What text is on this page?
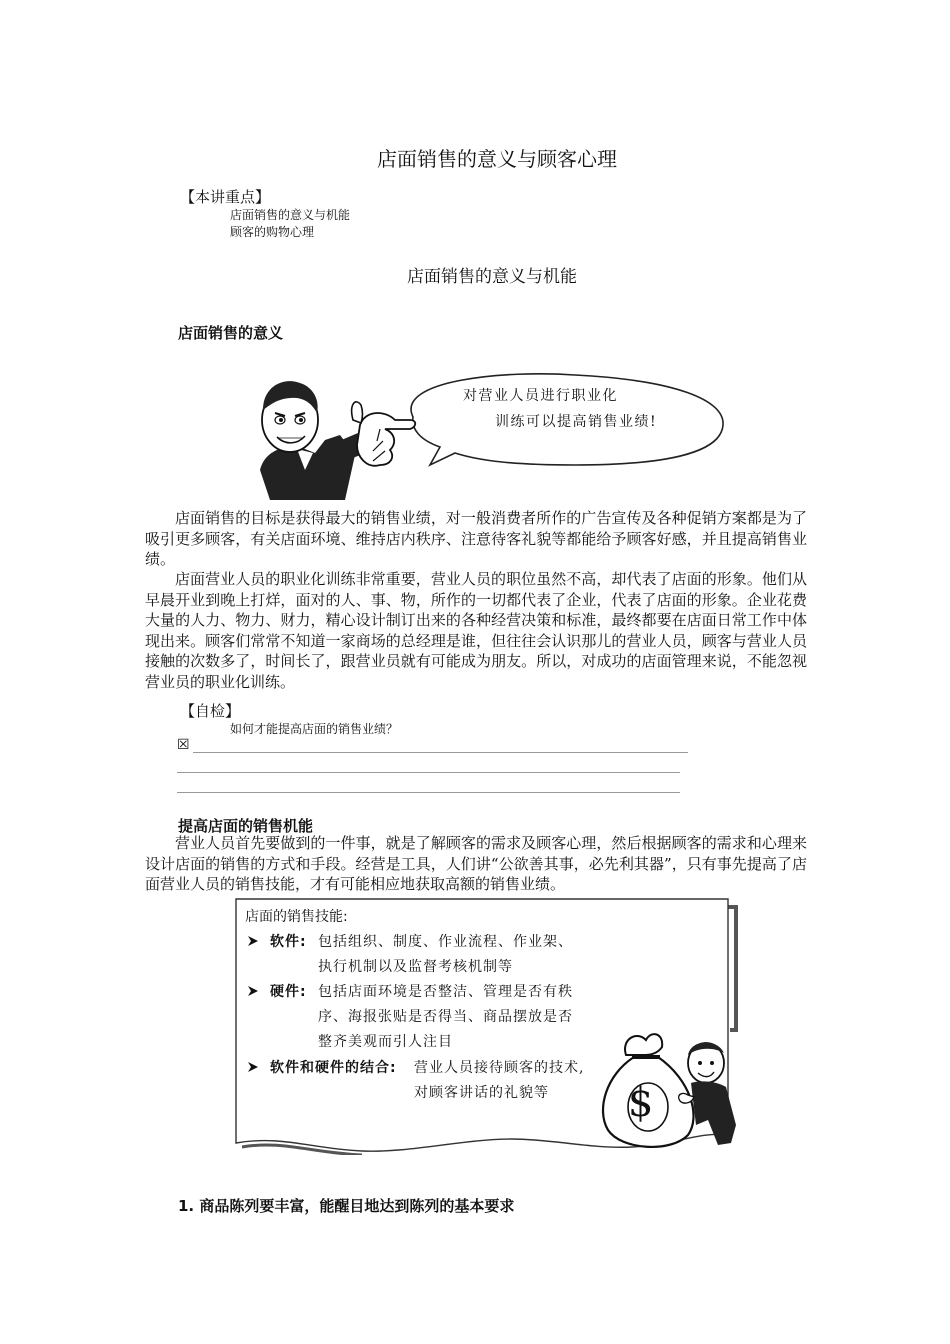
店面销售的意义与顾客心理
【本讲重点】
店面销售的意义与机能
顾客的购物心理
店面销售的意义与机能
店面销售的意义
对营业人员进行职业化
训练可以提高销售业绩!
店面销售的目标是获得最大的销售业绩，对一般消费者所作的广告宣传及各种促销方案都是为了吸引更多顾客，有关店面环境、维持店内秩序、注意待客礼貌等都能给予顾客好感，并且提高销售业绩。
店面营业人员的职业化训练非常重要，营业人员的职位虽然不高，却代表了店面的形象。他们从早晨开业到晚上打烊，面对的人、事、物，所作的一切都代表了企业，代表了店面的形象。企业花费大量的人力、物力、财力，精心设计制订出来的各种经营决策和标准，最终都要在店面日常工作中体现出来。顾客们常常不知道一家商场的总经理是谁，但往往会认识那儿的营业人员，顾客与营业人员接触的次数多了，时间长了，跟营业员就有可能成为朋友。所以，对成功的店面管理来说，不能忽视营业员的职业化训练。
【自检】
如何才能提高店面的销售业绩？
☒
提高店面的销售机能
营业人员首先要做到的一件事，就是了解顾客的需求及顾客心理，然后根据顾客的需求和心理来设计店面的销售的方式和手段。经营是工具，人们讲“公欲善其事，必先利其器”，只有事先提高了店面营业人员的销售技能，才有可能相应地获取高额的销售业绩。
店面的销售技能:
软件: 包括组织、制度、作业流程、作业架、
执行机制以及监督考核机制等
硬件: 包括店面环境是否整洁、管理是否有秩
序、海报张贴是否得当、商品摆放是否
整齐美观而引人注目
软件和硬件的结合: 营业人员接待顾客的技术,
对顾客讲话的礼貌等 $
1. 商品陈列要丰富，能醒目地达到陈列的基本要求
